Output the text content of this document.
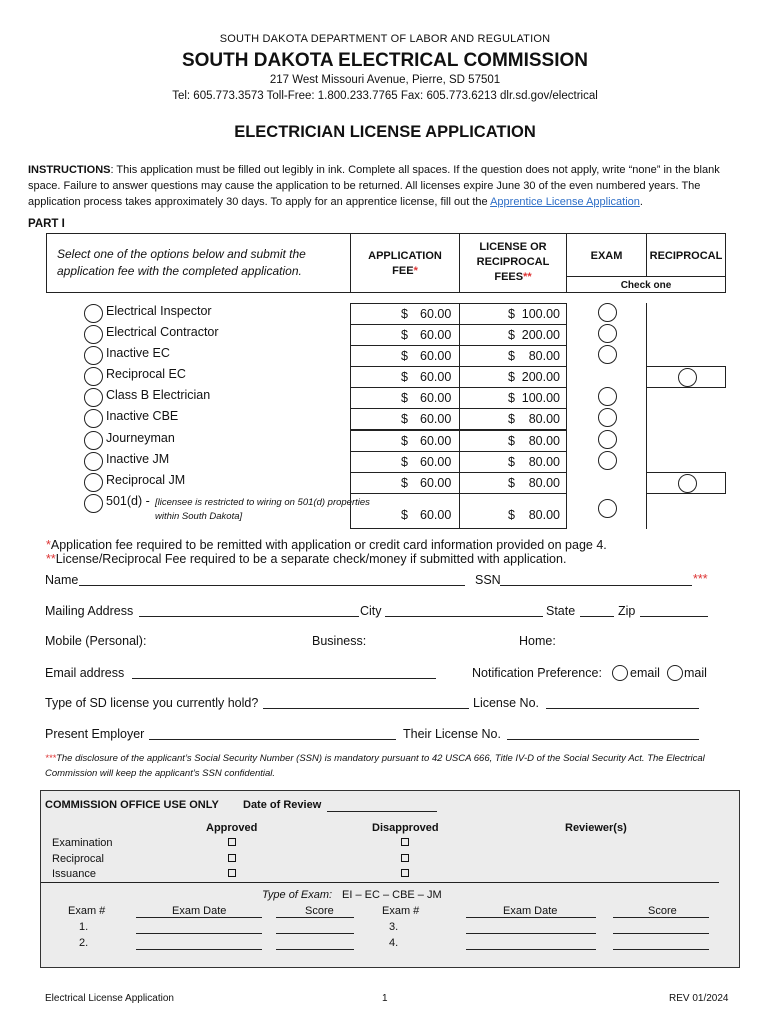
SOUTH DAKOTA DEPARTMENT OF LABOR AND REGULATION
SOUTH DAKOTA ELECTRICAL COMMISSION
217 West Missouri Avenue, Pierre, SD 57501
Tel: 605.773.3573 Toll-Free: 1.800.233.7765 Fax: 605.773.6213 dlr.sd.gov/electrical
ELECTRICIAN LICENSE APPLICATION
INSTRUCTIONS: This application must be filled out legibly in ink. Complete all spaces. If the question does not apply, write “none” in the blank space. Failure to answer questions may cause the application to be returned. All licenses expire June 30 of the even numbered years. The application process takes approximately 30 days. To apply for an apprentice license, fill out the Apprentice License Application.
PART I
Select one of the options below and submit the application fee with the completed application.
APPLICATION
FEE*
LICENSE OR
RECIPROCAL
FEES**
EXAM	RECIPROCAL
Check one
Electrical Inspector	$ 60.00	$ 100.00
Electrical Contractor	$ 60.00	$ 200.00
Inactive EC	$ 60.00	$ 80.00
Reciprocal EC	$ 60.00	$ 200.00
Class B Electrician	$ 60.00	$ 100.00
Inactive CBE	$ 60.00	$ 80.00
Journeyman	$ 60.00	$ 80.00
Inactive JM	$ 60.00	$ 80.00
Reciprocal JM	$ 60.00	$ 80.00
501(d) - [licensee is restricted to wiring on 501(d) properties within South Dakota]	$ 60.00	$ 80.00
*Application fee required to be remitted with application or credit card information provided on page 4.
**License/Reciprocal Fee required to be a separate check/money if submitted with application.
Name	SSN	***
Mailing Address	City	State	Zip
Mobile (Personal):	Business:	Home:
Email address	Notification Preference: email mail
Type of SD license you currently hold?	License No.
Present Employer	Their License No.
***The disclosure of the applicant’s Social Security Number (SSN) is mandatory pursuant to 42 USCA 666, Title IV-D of the Social Security Act. The Electrical Commission will keep the applicant’s SSN confidential.
COMMISSION OFFICE USE ONLY Date of Review
Approved	Disapproved	Reviewer(s)
Examination
Reciprocal
Issuance
Type of Exam: EI – EC – CBE – JM
Exam #	Exam Date	Score	Exam #	Exam Date	Score
1.
2.
3.
4.
Electrical License Application	1	REV 01/2024
